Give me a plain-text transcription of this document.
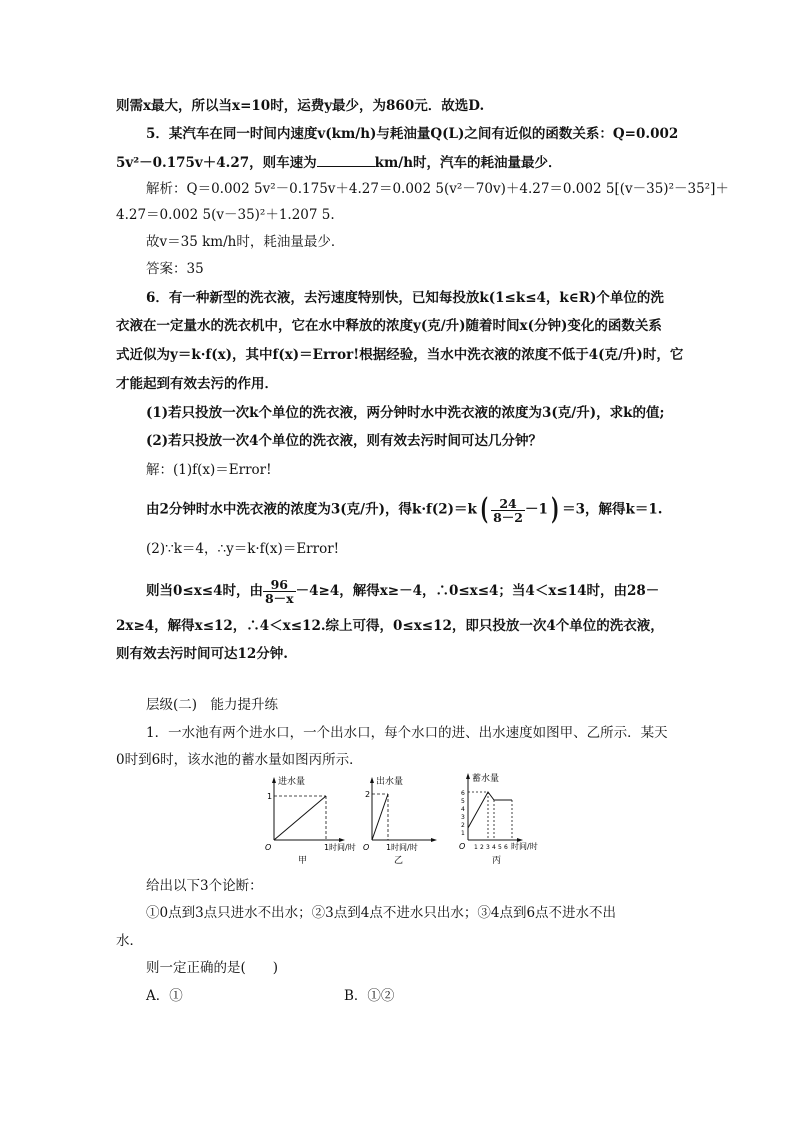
则需x最大，所以当x=10时，运费y最少，为860元．故选D.
5．某汽车在同一时间内速度v(km/h)与耗油量Q(L)之间有近似的函数关系：Q=0.002
5v²－0.175v＋4.27，则车速为	km/h时，汽车的耗油量最少．
解析：Q＝0.002 5v²－0.175v＋4.27＝0.002 5(v²－70v)＋4.27＝0.002 5[(v－35)²－35²]＋
4.27＝0.002 5(v－35)²＋1.207 5.
故v＝35 km/h时，耗油量最少．
答案：35
6．有一种新型的洗衣液，去污速度特别快，已知每投放k(1≤k≤4，k∈R)个单位的洗
衣液在一定量水的洗衣机中，它在水中释放的浓度y(克/升)随着时间x(分钟)变化的函数关系
式近似为y＝k·f(x)，其中f(x)＝Error!根据经验，当水中洗衣液的浓度不低于4(克/升)时，它
才能起到有效去污的作用．
(1)若只投放一次k个单位的洗衣液，两分钟时水中洗衣液的浓度为3(克/升)，求k的值;
(2)若只投放一次4个单位的洗衣液，则有效去污时间可达几分钟？
解：(1)f(x)＝Error!
由2分钟时水中洗衣液的浓度为3(克/升)，得k·f(2)＝k ( $\frac{24}{8-2} -1$ ) ＝3，解得k＝1.
(2)∵k＝4，∴y＝k·f(x)＝Error!
则当0≤x≤4时，由 $\frac{96}{8-x} -4\ge 4$，解得x≥－4，∴0≤x≤4；当4＜x≤14时，由28－
2x≥4，解得x≤12，∴4＜x≤12.综上可得，0≤x≤12，即只投放一次4个单位的洗衣液，
则有效去污时间可达12分钟.
层级(二)　能力提升练
1．一水池有两个进水口，一个出水口，每个水口的进、出水速度如图甲、乙所示．某天
0时到6时，该水池的蓄水量如图丙所示．
进水量
1
O	1 时间/时
甲
出水量
2
O 1 时间/时
乙
蓄水量
6
5
4
3
2
1
O 1 2 3 4 5 6 时间/时
丙
给出以下3个论断：
①0点到3点只进水不出水；②3点到4点不进水只出水；③4点到6点不进水不出
水．
则一定正确的是(　　)
A．①	B．①②
